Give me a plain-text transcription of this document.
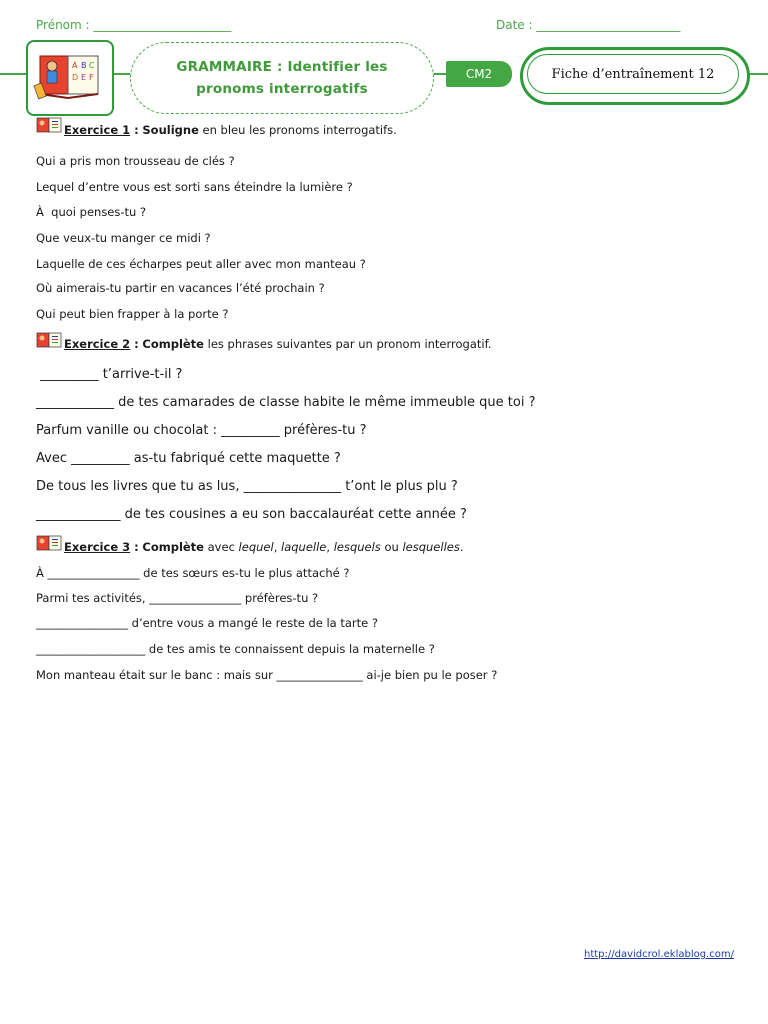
Prénom : _______________________	Date : ________________________
A B C
D E F
GRAMMAIRE : Identifier les
pronoms interrogatifs
CM2	Fiche d’entraînement 12
Exercice 1 : Souligne en bleu les pronoms interrogatifs.
Qui a pris mon trousseau de clés ?
Lequel d’entre vous est sorti sans éteindre la lumière ?
À  quoi penses-tu ?
Que veux-tu manger ce midi ?
Laquelle de ces écharpes peut aller avec mon manteau ?
Où aimerais-tu partir en vacances l’été prochain ?
Qui peut bien frapper à la porte ?
Exercice 2 : Complète les phrases suivantes par un pronom interrogatif.
_________ t’arrive-t-il ?
____________ de tes camarades de classe habite le même immeuble que toi ?
Parfum vanille ou chocolat : _________ préfères-tu ?
Avec _________ as-tu fabriqué cette maquette ?
De tous les livres que tu as lus, _______________ t’ont le plus plu ?
_____________ de tes cousines a eu son baccalauréat cette année ?
Exercice 3 : Complète avec lequel, laquelle, lesquels ou lesquelles.
À ________________ de tes sœurs es-tu le plus attaché ?
Parmi tes activités, ________________ préfères-tu ?
________________ d’entre vous a mangé le reste de la tarte ?
___________________ de tes amis te connaissent depuis la maternelle ?
Mon manteau était sur le banc : mais sur _______________ ai-je bien pu le poser ?
http://davidcrol.eklablog.com/
